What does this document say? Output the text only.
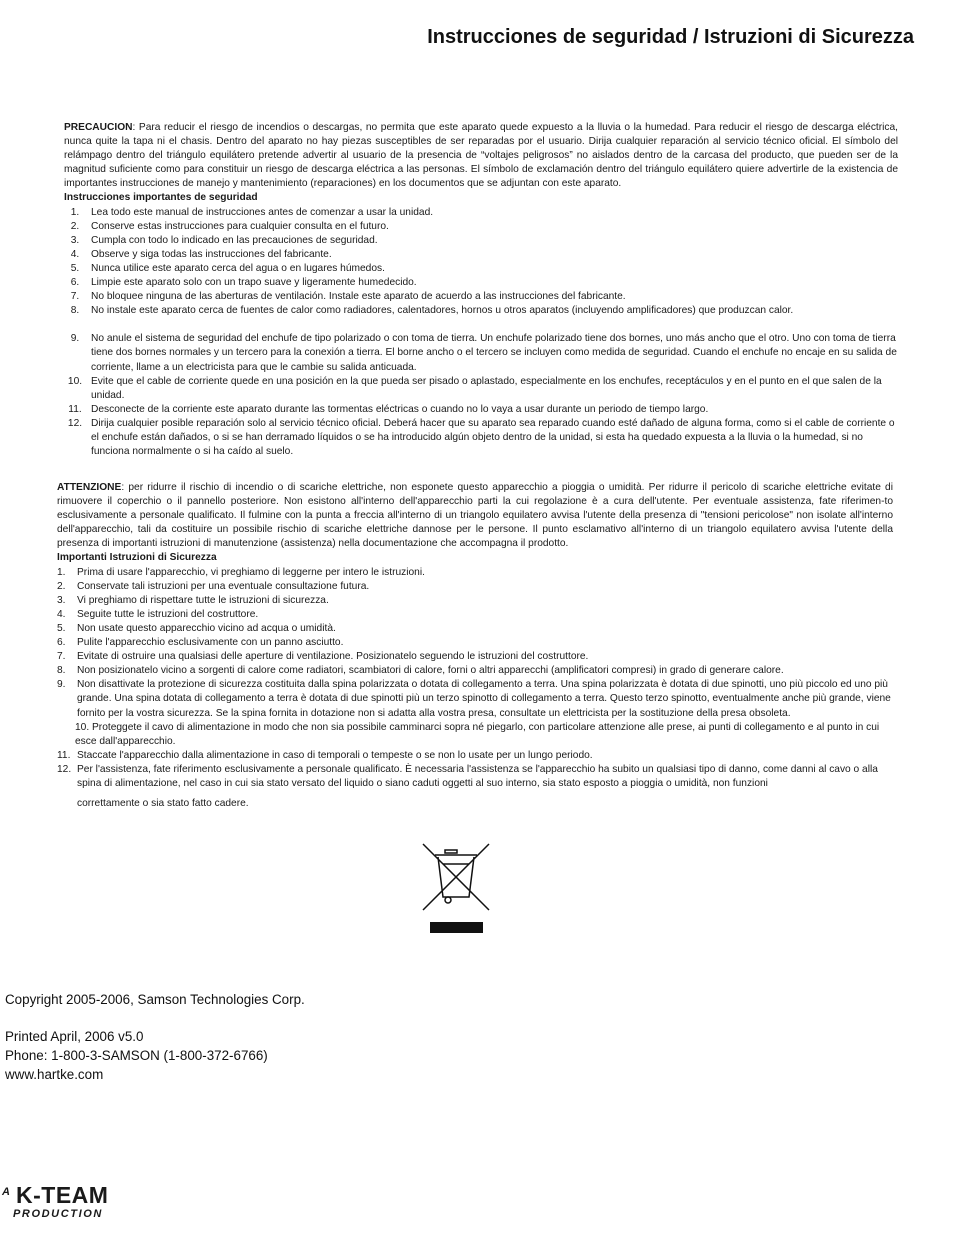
Instrucciones de seguridad / Istruzioni di Sicurezza

PRECAUCION: Para reducir el riesgo de incendios o descargas, no permita que este aparato quede expuesto a la lluvia o la humedad. Para reducir el riesgo de descarga eléctrica, nunca quite la tapa ni el chasis. Dentro del aparato no hay piezas susceptibles de ser reparadas por el usuario. Dirija cualquier reparación al servicio técnico oficial. El símbolo del relámpago dentro del triángulo equilátero pretende advertir al usuario de la presencia de “voltajes peligrosos” no aislados dentro de la carcasa del producto, que pueden ser de la magnitud suficiente como para constituir un riesgo de descarga eléctrica a las personas. El símbolo de exclamación dentro del triángulo equilátero quiere advertirle de la existencia de importantes instrucciones de manejo y mantenimiento (reparaciones) en los documentos que se adjuntan con este aparato.

Instrucciones importantes de seguridad
1.	Lea todo este manual de instrucciones antes de comenzar a usar la unidad.
2.	Conserve estas instrucciones para cualquier consulta en el futuro.
3.	Cumpla con todo lo indicado en las precauciones de seguridad.
4.	Observe y siga todas las instrucciones del fabricante.
5.	Nunca utilice este aparato cerca del agua o en lugares húmedos.
6.	Limpie este aparato solo con un trapo suave y ligeramente humedecido.
7.	No bloquee ninguna de las aberturas de ventilación. Instale este aparato de acuerdo a las instrucciones del fabricante.
8.	No instale este aparato cerca de fuentes de calor como radiadores, calentadores, hornos u otros aparatos (incluyendo amplificadores) que produzcan calor.
9.	No anule el sistema de seguridad del enchufe de tipo polarizado o con toma de tierra. Un enchufe polarizado tiene dos bornes, uno más ancho que el otro. Uno con toma de tierra tiene dos bornes normales y un tercero para la conexión a tierra. El borne ancho o el tercero se incluyen como medida de seguridad. Cuando el enchufe no encaje en su salida de corriente, llame a un electricista para que le cambie su salida anticuada.
10. Evite que el cable de corriente quede en una posición en la que pueda ser pisado o aplastado, especialmente en los enchufes, receptáculos y en el punto en el que salen de la unidad.
11. Desconecte de la corriente este aparato durante las tormentas eléctricas o cuando no lo vaya a usar durante un periodo de tiempo largo.
12. Dirija cualquier posible reparación solo al servicio técnico oficial. Deberá hacer que su aparato sea reparado cuando esté dañado de alguna forma, como si el cable de corriente o el enchufe están dañados, o si se han derramado líquidos o se ha introducido algún objeto dentro de la unidad, si esta ha quedado expuesta a la lluvia o la humedad, si no funciona normalmente o si ha caído al suelo.

ATTENZIONE: per ridurre il rischio di incendio o di scariche elettriche, non esponete questo apparecchio a pioggia o umidità. Per ridurre il pericolo di scariche elettriche evitate di rimuovere il coperchio o il pannello posteriore. Non esistono all'interno dell'apparecchio parti la cui regolazione è a cura dell'utente. Per eventuale assistenza, fate riferimen-to esclusivamente a personale qualificato. Il fulmine con la punta a freccia all'interno di un triangolo equilatero avvisa l'utente della presenza di "tensioni pericolose" non isolate all'interno dell'apparecchio, tali da costituire un possibile rischio di scariche elettriche dannose per le persone. Il punto esclamativo all'interno di un triangolo equilatero avvisa l'utente della presenza di importanti istruzioni di manutenzione (assistenza) nella documentazione che accompagna il prodotto.

Importanti Istruzioni di Sicurezza
1.	Prima di usare l'apparecchio, vi preghiamo di leggerne per intero le istruzioni.
2.	Conservate tali istruzioni per una eventuale consultazione futura.
3.	Vi preghiamo di rispettare tutte le istruzioni di sicurezza.
4.	Seguite tutte le istruzioni del costruttore.
5.	Non usate questo apparecchio vicino ad acqua o umidità.
6.	Pulite l'apparecchio esclusivamente con un panno asciutto.
7.	Evitate di ostruire una qualsiasi delle aperture di ventilazione. Posizionatelo seguendo le istruzioni del costruttore.
8.	Non posizionatelo vicino a sorgenti di calore come radiatori, scambiatori di calore, forni o altri apparecchi (amplificatori compresi) in grado di generare calore.
9.	Non disattivate la protezione di sicurezza costituita dalla spina polarizzata o dotata di collegamento a terra. Una spina polarizzata è dotata di due spinotti, uno più piccolo ed uno più grande. Una spina dotata di collegamento a terra è dotata di due spinotti più un terzo spinotto di collegamento a terra. Questo terzo spinotto, eventualmente anche più grande, viene fornito per la vostra sicurezza. Se la spina fornita in dotazione non si adatta alla vostra presa, consultate un elettricista per la sostituzione della presa obsoleta.
10. Proteggete il cavo di alimentazione in modo che non sia possibile camminarci sopra né piegarlo, con particolare attenzione alle prese, ai punti di collegamento e al punto in cui esce dall'apparecchio.
11. Staccate l'apparecchio dalla alimentazione in caso di temporali o tempeste o se non lo usate per un lungo periodo.
12. Per l'assistenza, fate riferimento esclusivamente a personale qualificato. È necessaria l'assistenza se l'apparecchio ha subito un qualsiasi tipo di danno, come danni al cavo o alla spina di alimentazione, nel caso in cui sia stato versato del liquido o siano caduti oggetti al suo interno, sia stato esposto a pioggia o umidità, non funzioni
correttamente o sia stato fatto cadere.
Copyright 2005-2006, Samson Technologies Corp.
Printed April, 2006 v5.0
Phone: 1-800-3-SAMSON (1-800-372-6766)
www.hartke.com
A K-TEAM
PRODUCTION
